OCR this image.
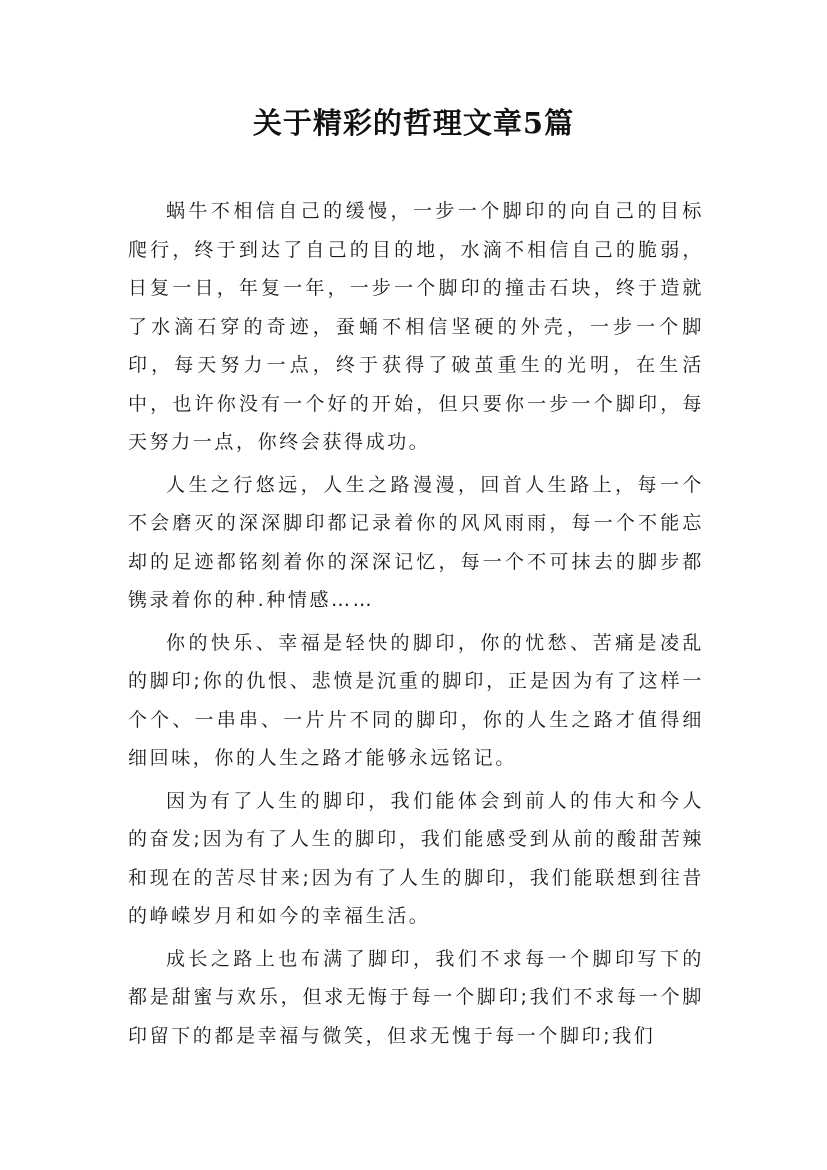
关于精彩的哲理文章5篇

蜗牛不相信自己的缓慢，一步一个脚印的向自己的目标爬行，终于到达了自己的目的地，水滴不相信自己的脆弱，日复一日，年复一年，一步一个脚印的撞击石块，终于造就了水滴石穿的奇迹，蚕蛹不相信坚硬的外壳，一步一个脚印，每天努力一点，终于获得了破茧重生的光明，在生活中，也许你没有一个好的开始，但只要你一步一个脚印，每天努力一点，你终会获得成功。

人生之行悠远，人生之路漫漫，回首人生路上，每一个不会磨灭的深深脚印都记录着你的风风雨雨，每一个不能忘却的足迹都铭刻着你的深深记忆，每一个不可抹去的脚步都镌录着你的种.种情感……

你的快乐、幸福是轻快的脚印，你的忧愁、苦痛是凌乱的脚印;你的仇恨、悲愤是沉重的脚印，正是因为有了这样一个个、一串串、一片片不同的脚印，你的人生之路才值得细细回味，你的人生之路才能够永远铭记。

因为有了人生的脚印，我们能体会到前人的伟大和今人的奋发;因为有了人生的脚印，我们能感受到从前的酸甜苦辣和现在的苦尽甘来;因为有了人生的脚印，我们能联想到往昔的峥嵘岁月和如今的幸福生活。

成长之路上也布满了脚印，我们不求每一个脚印写下的都是甜蜜与欢乐，但求无悔于每一个脚印;我们不求每一个脚印留下的都是幸福与微笑，但求无愧于每一个脚印;我们
